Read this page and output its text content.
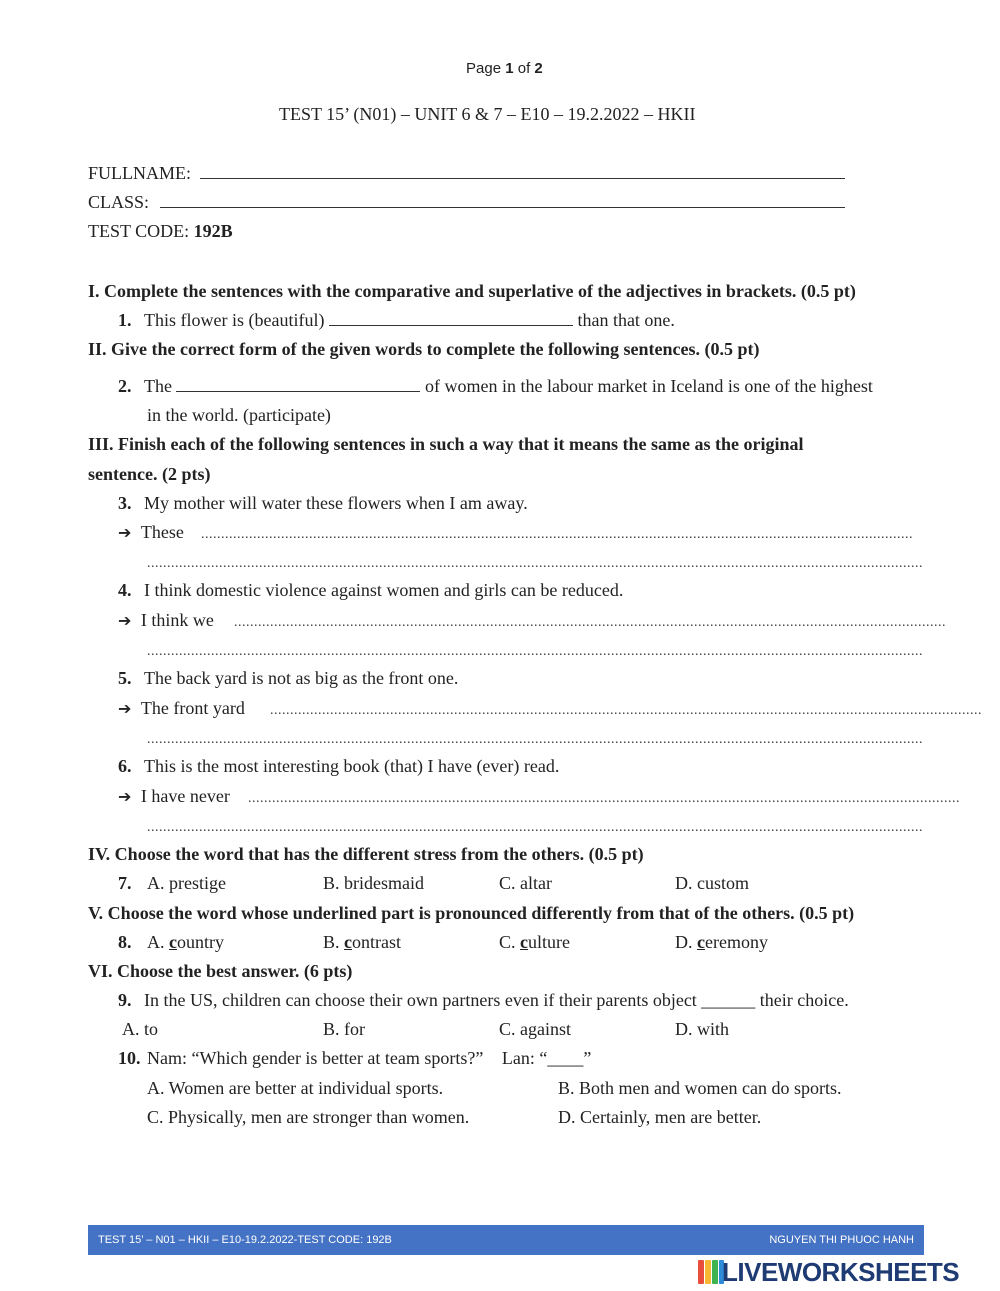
Page 1 of 2
TEST 15’ (N01) – UNIT 6 & 7 – E10 – 19.2.2022 – HKII
FULLNAME:
CLASS:
TEST CODE: 192B
I. Complete the sentences with the comparative and superlative of the adjectives in brackets. (0.5 pt)
1. This flower is (beautiful)	than that one.
II. Give the correct form of the given words to complete the following sentences. (0.5 pt)
2. The	of women in the labour market in Iceland is one of the highest
in the world. (participate)
III. Finish each of the following sentences in such a way that it means the same as the original
sentence. (2 pts)
3. My mother will water these flowers when I am away.
➔ These ..................................................................................................................................................................................
..................................................................................................................................................................................................
4. I think domestic violence against women and girls can be reduced.
➔ I think we ..................................................................................................................................................................................
..................................................................................................................................................................................................
5. The back yard is not as big as the front one.
➔ The front yard ..................................................................................................................................................................................
..................................................................................................................................................................................................
6. This is the most interesting book (that) I have (ever) read.
➔ I have never ..................................................................................................................................................................................
..................................................................................................................................................................................................
IV. Choose the word that has the different stress from the others. (0.5 pt)
7. A. prestige	B. bridesmaid	C. altar	D. custom
V. Choose the word whose underlined part is pronounced differently from that of the others. (0.5 pt)
8. A. country	B. contrast	C. culture	D. ceremony
VI. Choose the best answer. (6 pts)
9. In the US, children can choose their own partners even if their parents object ______ their choice.
A. to	B. for	C. against	D. with
10. Nam: “Which gender is better at team sports?” Lan: “____”
A. Women are better at individual sports.	B. Both men and women can do sports.
C. Physically, men are stronger than women.	D. Certainly, men are better.
TEST 15’ – N01 – HKII – E10-19.2.2022-TEST CODE: 192B	NGUYEN THI PHUOC HANH
LIVEWORKSHEETS
